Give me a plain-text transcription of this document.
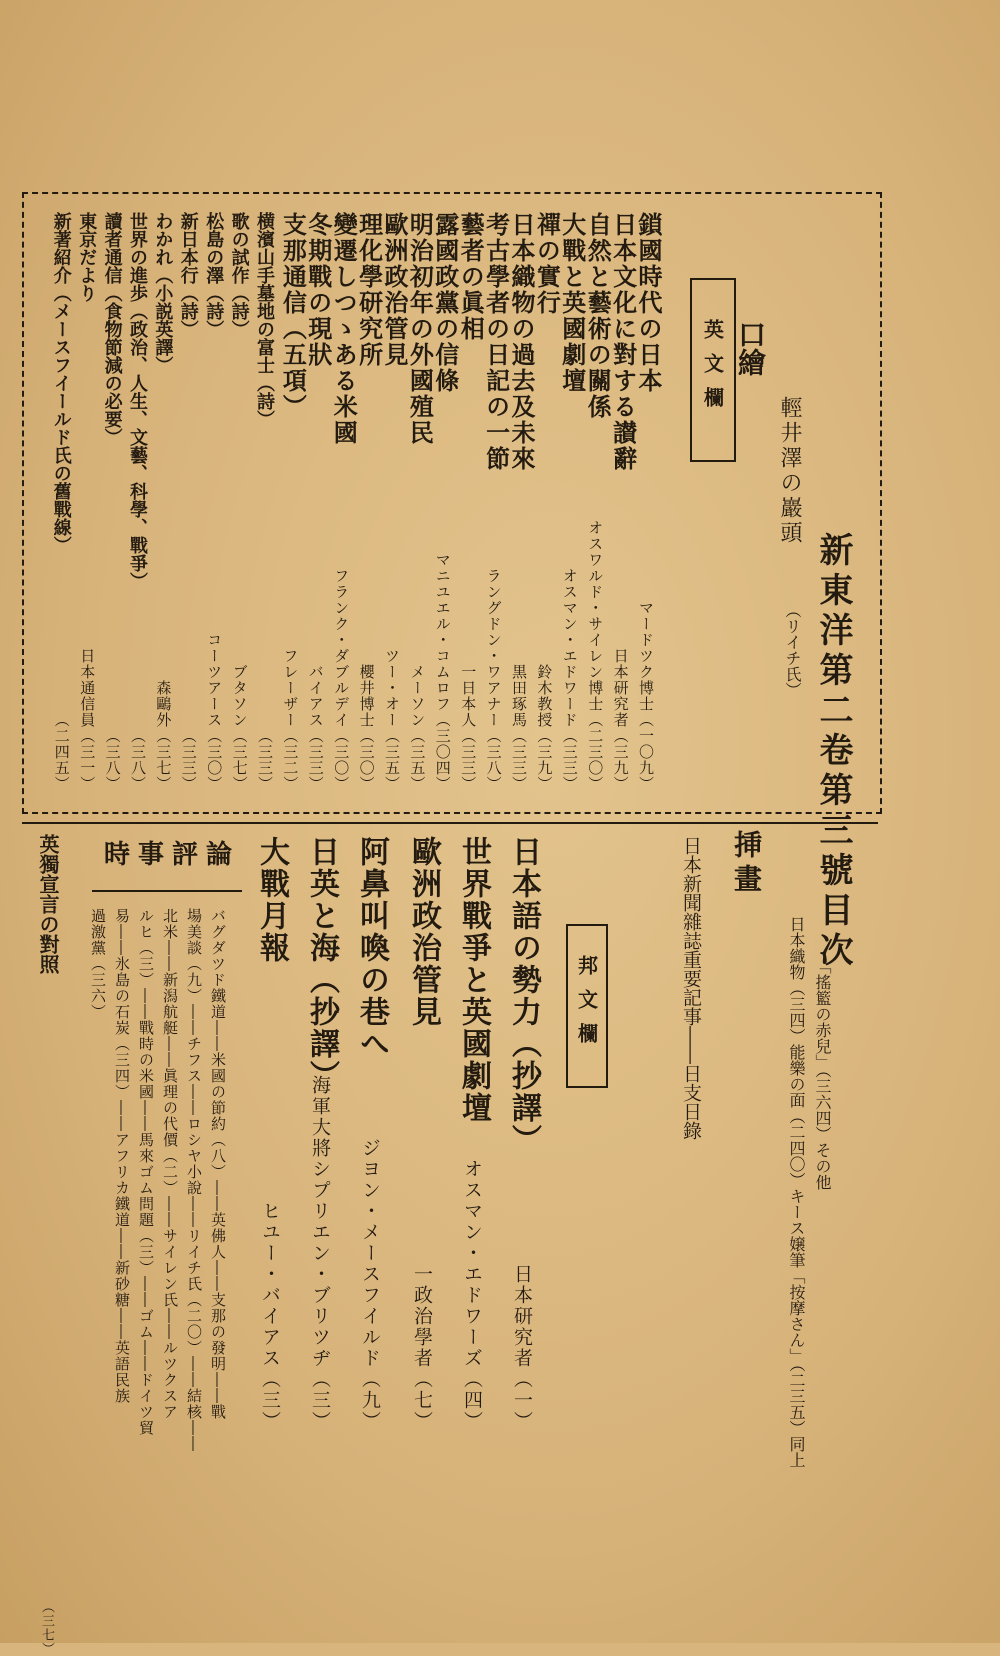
新東洋第二卷第三號目次
口繪
輕井澤の巖頭
（リイチ氏）
英文欄
鎖國時代の日本
マードツク博士（一〇九）
日本文化に對する讃辭
日本研究者（三九）
自然と藝術の關係
オスワルド・サイレン博士（二三〇）
大戰と英國劇壇
オスマン・エドワード（三三）
禪の實行
鈴木教授（三九）
日本織物の過去及未來
黒田琢馬（三三）
考古學者の日記の一節
ラングドン・ワアナー（三八）
藝者の眞相
一日本人（三三）
露國政黨の信條
マニユエル・コムロフ（三〇四）
明治初年の外國殖民
メーソン（三五）
歐洲政治管見
ツー・オー（三五）
理化學研究所
櫻井博士（三〇）
變遷しつゝある米國
フランク・ダブルデイ（三〇）
冬期戰の現狀
バイアス（三三）
支那通信（五項）
フレーザー（三二）
横濱山手墓地の富士（詩）
（三三）
歌の試作（詩）
ブタソン（三七）
松島の澤（詩）
コーツアース（三〇）
新日本行（詩）
（三三）
わかれ（小説英譯）
森鷗外（三七）
世界の進歩（政治、人生、文藝、科學、戰爭）
（三八）
讀者通信（食物節減の必要）
（三八）
東京だより
日本通信員（三一）
新著紹介（メースフイールド氏の舊戰線）
（二四五）
挿畫
日本織物（三四）能樂の面（二四〇）キース嬢筆「按摩さん」（二三五）同上 「搖籃の赤兒」（三六四）その他
日本新聞雜誌重要記事――日支日錄
邦文欄
日本語の勢力（抄譯）
日本研究者（一）
世界戰爭と英國劇壇
オスマン・エドワーズ（四）
歐洲政治管見
一政治學者（七）
阿鼻叫喚の巷へ
ジヨン・メースフイルド（九）
日英と海（抄譯）
海軍大將シプリエン・ブリツヂ（三）
大戰月報
ヒユー・バイアス（三）
時事評論
バグダツド鐵道――米國の節約（八）――英佛人――支那の發明――戰
場美談（九）――チフス――ロシヤ小說――リイチ氏（二〇）――結核――
北米――新潟航艇――眞理の代價（二）――サイレン氏――ルツクスア
ルヒ（三）――戰時の米國――馬來ゴム問題（三）――ゴム――ドイツ貿
易――氷島の石炭（三四）――アフリカ鐵道――新砂糖――英語民族
過激黨（三六）
英獨宣言の對照
（三七）
